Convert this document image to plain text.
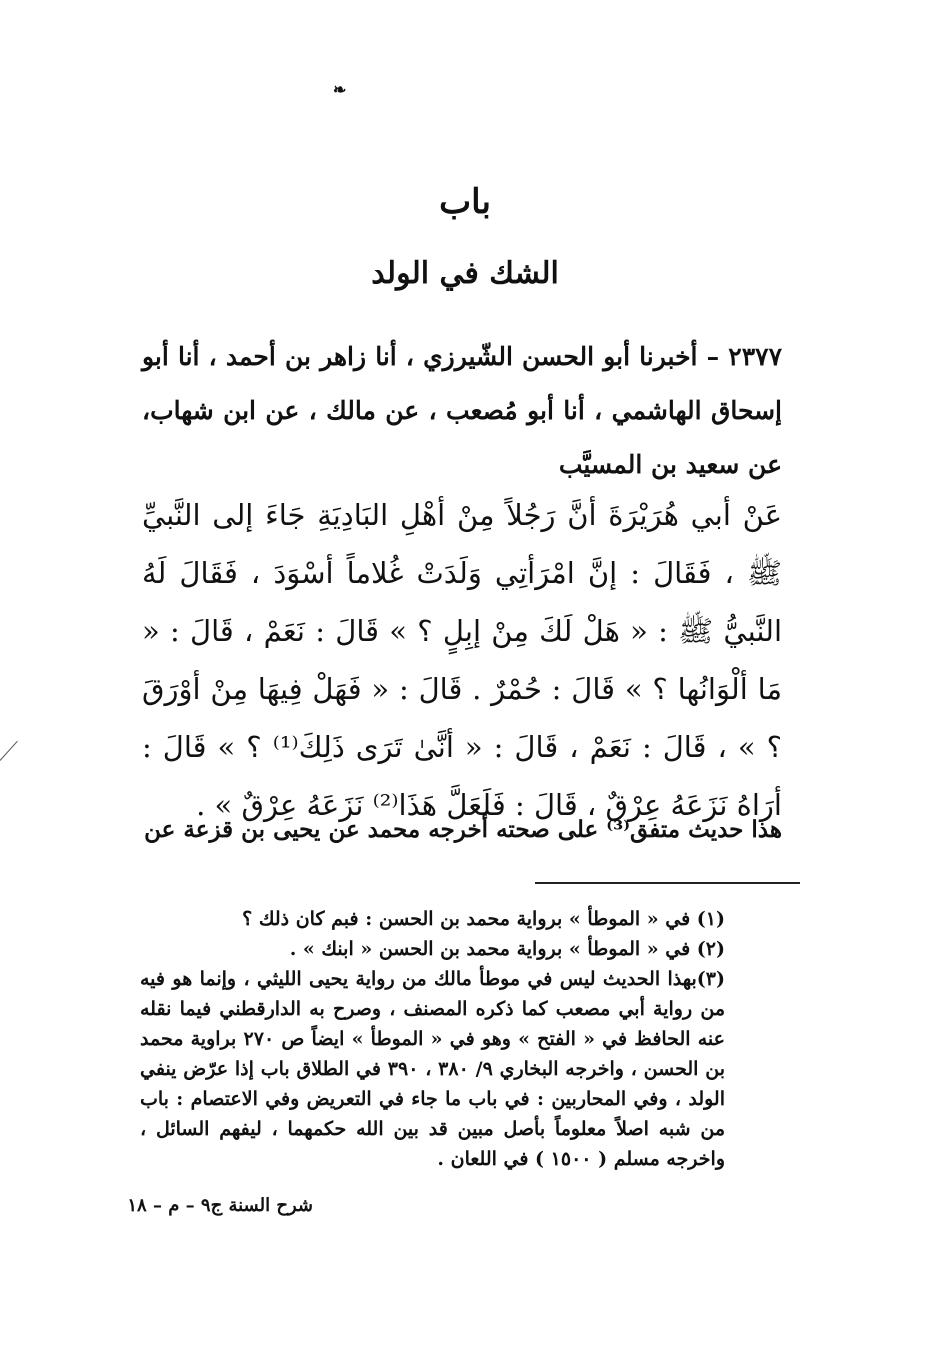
❧
باب
الشك في الولد

٢٣٧٧ – أخبرنا أبو الحسن الشّيرزي ، أنا زاهر بن أحمد ، أنا أبو إسحاق الهاشمي ، أنا أبو مُصعب ، عن مالك ، عن ابن شهاب، عن سعيد بن المسيَّب

عَنْ أبي هُرَيْرَةَ أنَّ رَجُلاً مِنْ أهْلِ البَادِيَةِ جَاءَ إلى النَّبيِّ ﷺ ، فَقَالَ : إنَّ امْرَأتِي وَلَدَتْ غُلاماً أسْوَدَ ، فَقَالَ لَهُ النَّبيُّ ﷺ : « هَلْ لَكَ مِنْ إبِلٍ ؟ » قَالَ : نَعَمْ ، قَالَ : « مَا ألْوَانُها ؟ » قَالَ : حُمْرٌ . قَالَ : « فَهَلْ فِيهَا مِنْ أوْرَقَ ؟ » ، قَالَ : نَعَمْ ، قَالَ : « أنَّىٰ تَرَى ذَلِكَ⁽¹⁾ ؟ » قَالَ : أرَاهُ نَزَعَهُ عِرْقٌ ، قَالَ : فَلَعَلَّ هَذَا⁽²⁾ نَزَعَهُ عِرْقٌ » .

هذا حديث متفق⁽³⁾ على صحته أخرجه محمد عن يحيى بن قزعة عن

(١) في « الموطأ » برواية محمد بن الحسن : فبم كان ذلك ؟

(٢) في « الموطأ » برواية محمد بن الحسن « ابنك » .

(٣)بهذا الحديث ليس في موطأ مالك من رواية يحيى الليثي ، وإنما هو فيه من رواية أبي مصعب كما ذكره المصنف ، وصرح به الدارقطني فيما نقله عنه الحافظ في « الفتح » وهو في « الموطأ » ايضاً ص ٢٧٠ براوية محمد بن الحسن ، واخرجه البخاري ٩/ ٣٨٠ ، ٣٩٠ في الطلاق باب إذا عرّض ينفي الولد ، وفي المحاربين : في باب ما جاء في التعريض وفي الاعتصام : باب من شبه اصلاً معلوماً بأصل مبين قد بين الله حكمهما ، ليفهم السائل ، واخرجه مسلم ( ١٥٠٠ ) في اللعان .

شرح السنة ج٩ – م – ١٨
